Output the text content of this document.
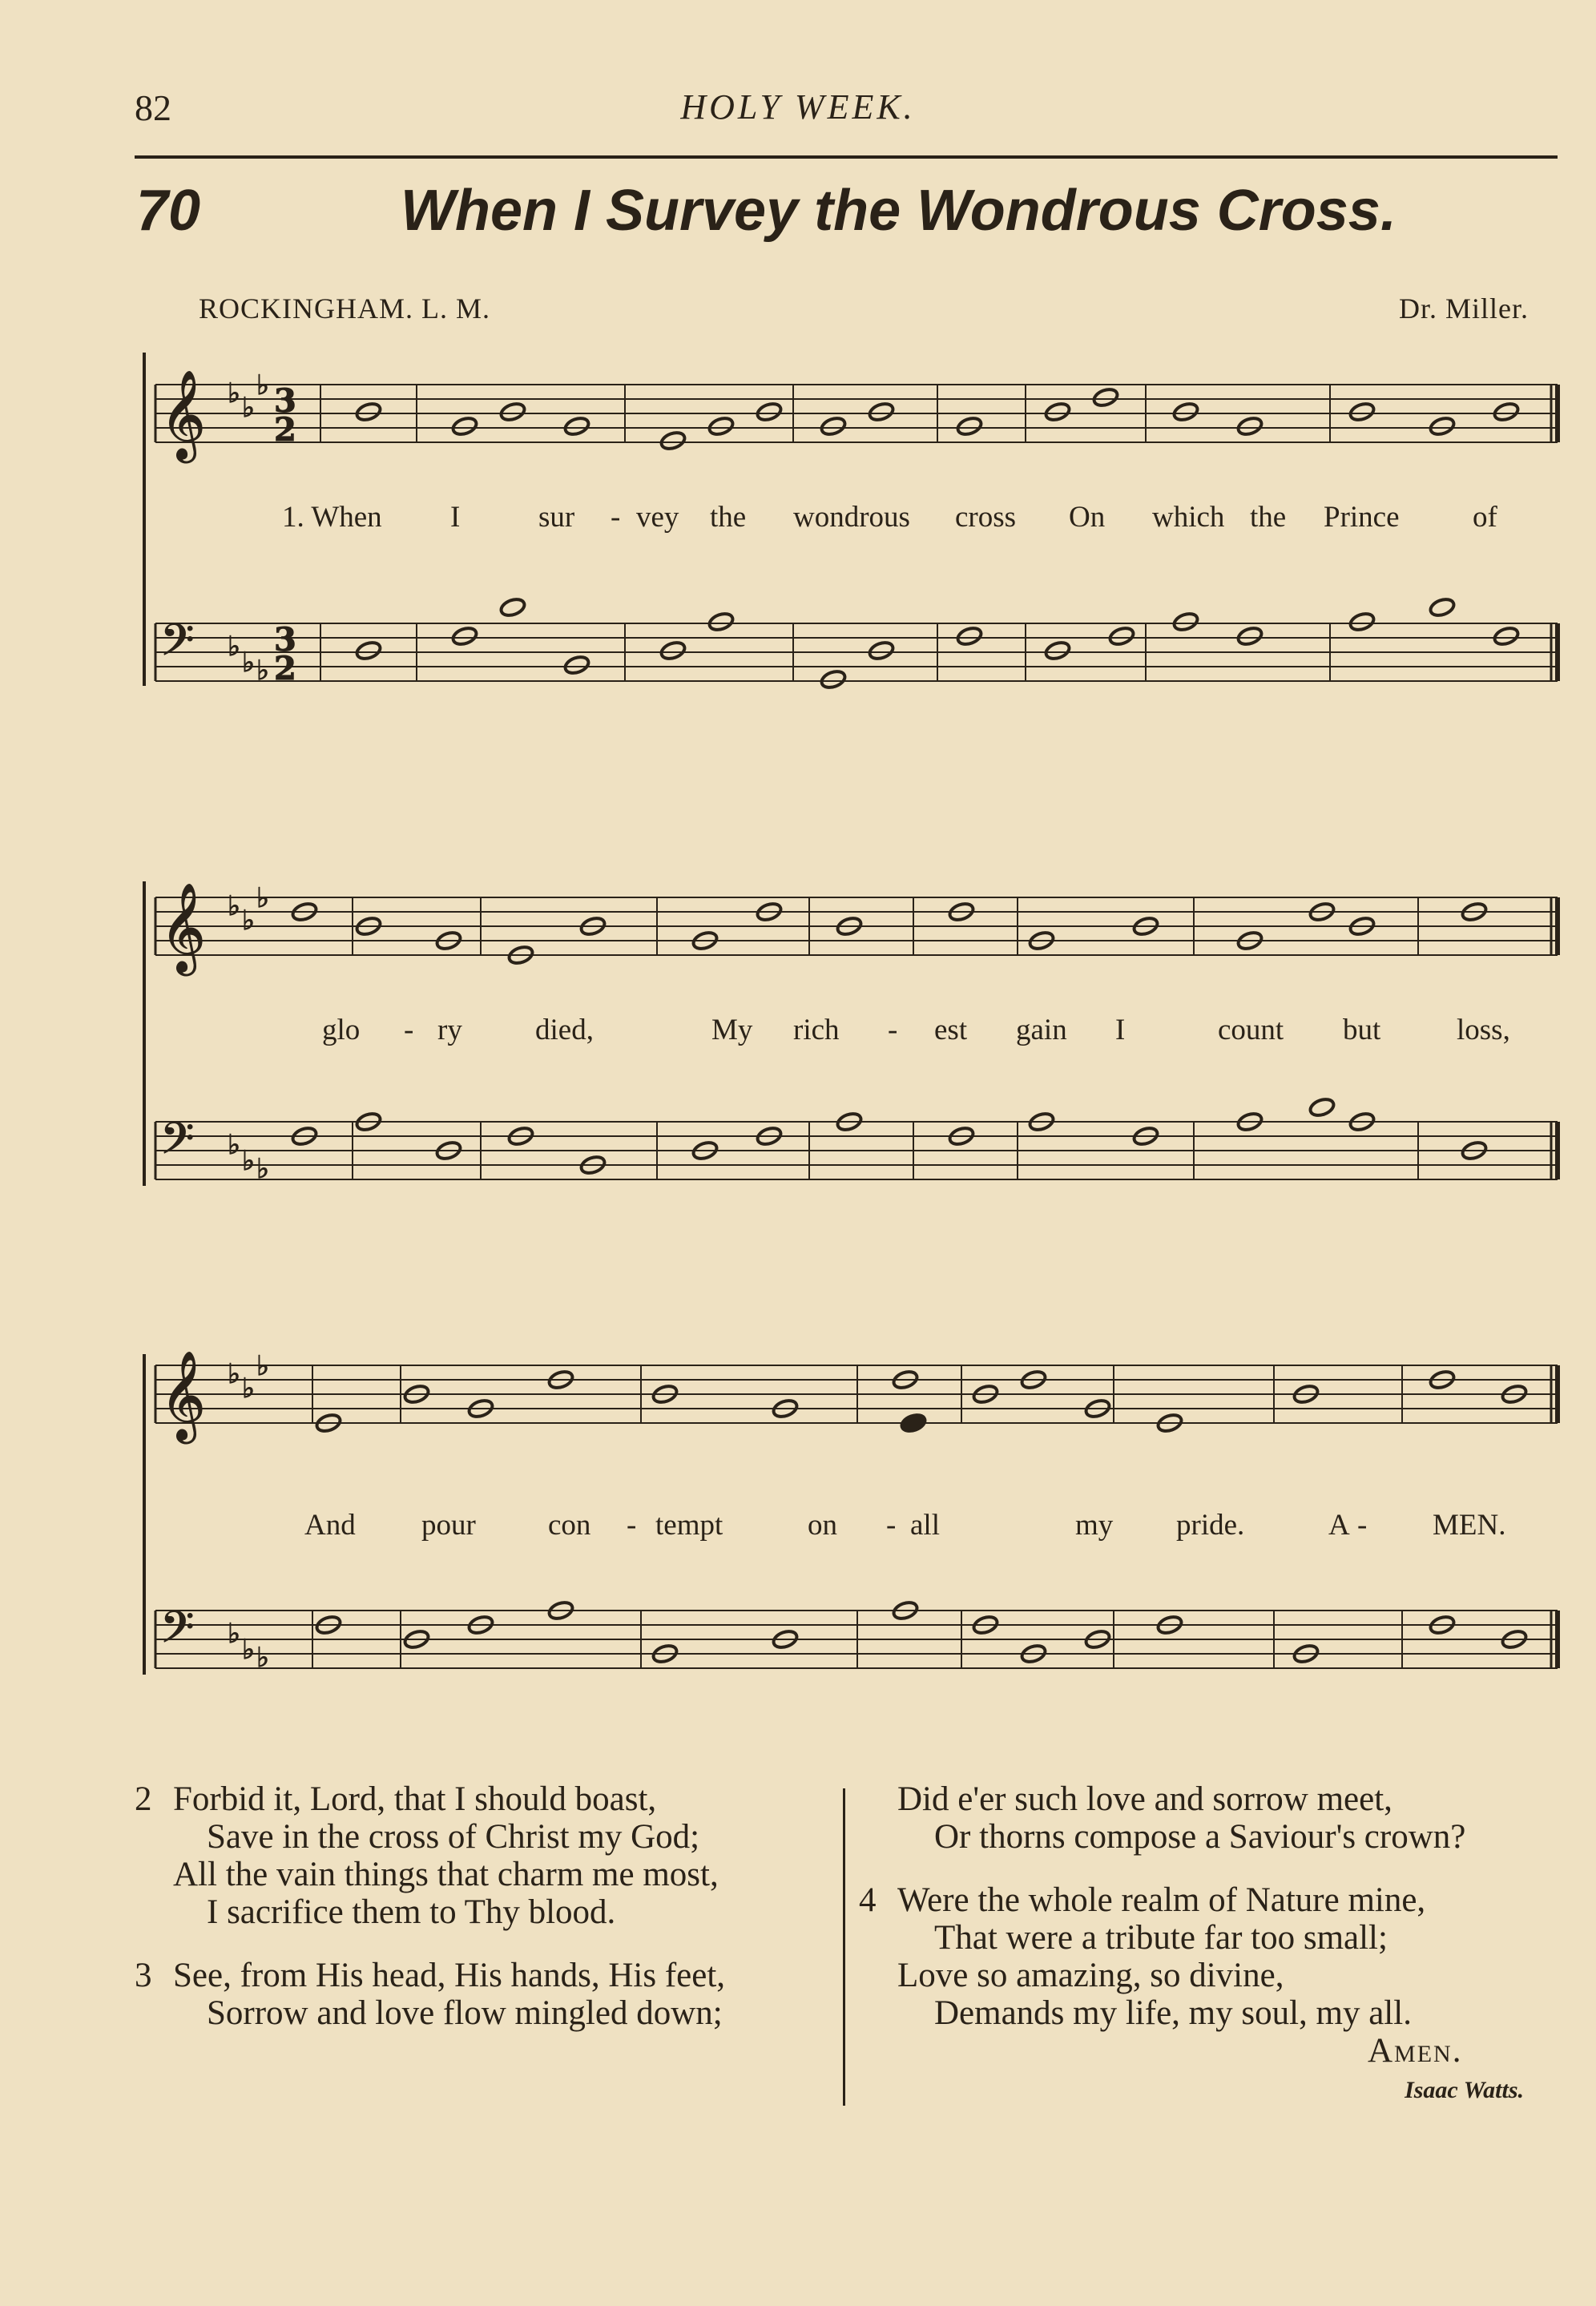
82	HOLY WEEK.
70	When I Survey the Wondrous Cross.
ROCKINGHAM. L. M.	Dr. Miller.
𝄞 ♭ ♭
♭ 3
2
𝄢 ♭ ♭ ♭
3
2
𝄞 ♭ ♭
♭
𝄢 ♭ ♭ ♭
𝄞 ♭ ♭
♭
𝄢 ♭ ♭ ♭
1. When I	sur - vey the wondrous cross On which the Prince of
glo - ry died,	My rich - est gain I	count but	loss,
And pour con - tempt	on - all	my pride.	A - MEN.

2 Forbid it, Lord, that I should boast,

Save in the cross of Christ my God;

All the vain things that charm me most,

I sacrifice them to Thy blood.

3 See, from His head, His hands, His feet,

Sorrow and love flow mingled down;

Did e'er such love and sorrow meet,

Or thorns compose a Saviour's crown?

4 Were the whole realm of Nature mine,

That were a tribute far too small;

Love so amazing, so divine,

Demands my life, my soul, my all.

Amen.

Isaac Watts.
